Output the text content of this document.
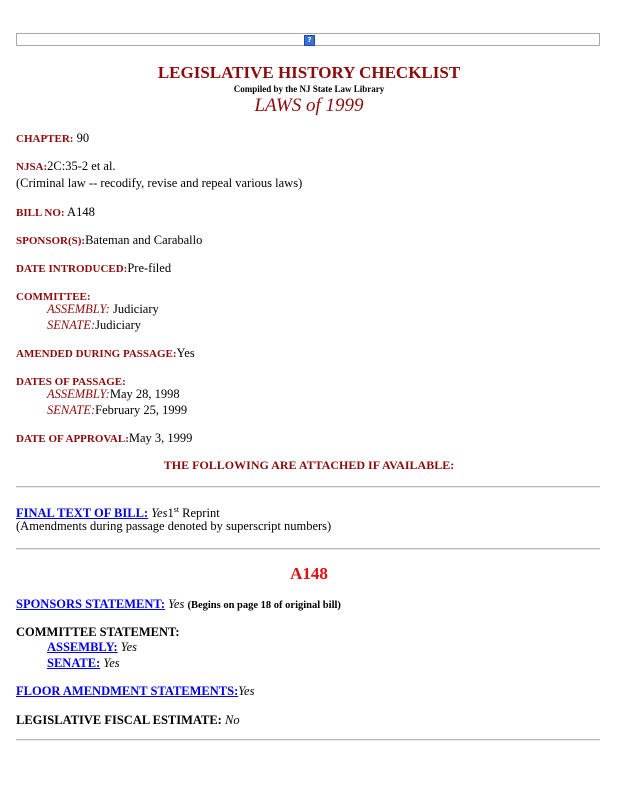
?
LEGISLATIVE HISTORY CHECKLIST
Compiled by the NJ State Law Library
LAWS of 1999
CHAPTER: 90
NJSA:2C:35-2 et al.
(Criminal law -- recodify, revise and repeal various laws)
BILL NO: A148
SPONSOR(S):Bateman and Caraballo
DATE INTRODUCED:Pre-filed
COMMITTEE:
ASSEMBLY: Judiciary
SENATE:Judiciary
AMENDED DURING PASSAGE:Yes
DATES OF PASSAGE:
ASSEMBLY:May 28, 1998
SENATE:February 25, 1999
DATE OF APPROVAL:May 3, 1999
THE FOLLOWING ARE ATTACHED IF AVAILABLE:
FINAL TEXT OF BILL: Yes1st Reprint
(Amendments during passage denoted by superscript numbers)
A148
SPONSORS STATEMENT: Yes (Begins on page 18 of original bill)
COMMITTEE STATEMENT:
ASSEMBLY: Yes
SENATE: Yes
FLOOR AMENDMENT STATEMENTS:Yes
LEGISLATIVE FISCAL ESTIMATE: No
